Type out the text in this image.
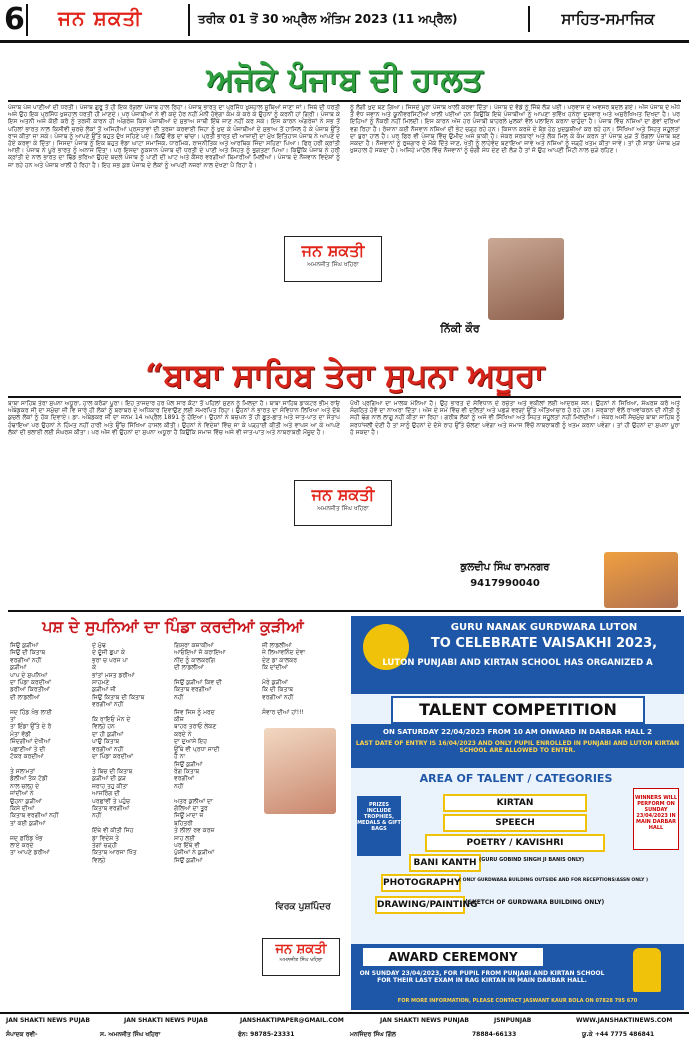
6 ਜਨ ਸ਼ਕਤੀ	ਤਰੀਕ 01 ਤੋਂ 30 ਅਪ੍ਰੈਲ ਅੰਤਿਮ 2023 (11 ਅਪ੍ਰੈਲ)	ਸਾਹਿਤ-ਸਮਾਜਿਕ
ਅਜੋਕੇ ਪੰਜਾਬ ਦੀ ਹਾਲਤ
ਪੰਜਾਬ ਪੰਜ ਪਾਣੀਆਂ ਦੀ ਧਰਤੀ। ਪੰਜਾਬ ਗੁਰੂ ਤੋਂ ਹੀ ਇਕ ਰੰਗਲਾ ਪੰਜਾਬ ਹਾਲ ਰਿਹਾ। ਪੰਜਾਬ ਭਾਰਤ ਦਾ ਪ੍ਰਸਿੱਧ ਖੁਸ਼ਹਾਲ ਸੂਬਿਆਂ ਜਾਣਾ ਜਾਂ। ਜਿਥੇ ਦੀ ਧਰਤੀ ਅਜੇ ਉਹ ਇਕ ਪ੍ਰਸਿੱਧ ਖੁਸ਼ਹਾਲ ਧਰਤੀ ਹੀ ਮਾਣਦੇ। ਪਰ ਪੰਜਾਬੀਆਂ ਨੇ ਵੀ ਕਦੇ ਹੋਰ ਨਹੀਂ ਮੰਨੀ ਹੋਵੇਗਾ ਕੰਮ ਕੇ ਕਰੇ ਕੇ ਉਹਨਾਂ ਨੂੰ ਕਰਨੀ ਹਾਂ ਗਿਰੀ। ਪੰਜਾਬ ਕੇ ਇਸ ਅਤਨੀ ਅਜੇ ਕੋਈ ਕਰੋ ਨੂੰ ਤਰਸੀ ਕਾਰਨ ਹੀ ਅੰਗਰੇਜ਼ ਕਿਸੇ ਪੰਜਾਬੀਆਂ ਦੇ ਸੁਭਾਅ ਸਾਥੀ ਇੱਥੇ ਜਾਣ ਨਹੀਂ ਕਰ ਸਕੇ। ਇਸ ਕਾਰਨ ਅੰਗਰੇਜ਼ਾਂ ਨੇ ਸਭ ਤੋਂ ਪਹਿਲਾਂ ਭਾਰਤ ਨਾਲ ਕਿਸੀਵੀ ਚਰਚੇ ਲੋਕਾਂ ਤੋਂ ਅਜਿਹੀਆਂ ਪ੍ਰਸਤਾਵਾਂ ਦੀ ਤਰਜ਼ਾ ਕਰਵਾਈ ਜਿਹਾ ਨੂੰ ਖੁਦ ਕੇ ਪੰਜਾਬੀਆਂ ਦੇ ਸੁਭਾਅ ਤੋਂ ਹਾਸਿਲ ਹੋ ਕੇ ਪੰਜਾਬ ਉੱਤੇ ਰਾਜ ਕੀਤਾ ਜਾ ਸਕੇ। ਪੰਜਾਬ ਨੂੰ ਆਪਣੇ ਉੱਤੇ ਬਹੁਤ ਦੁੱਖ ਸਹਿਣੇ ਪਏ। ਕਿਉਂ ਵੱਡ ਦਾ ਢਾਂਚਾ। ਪ੍ਰਤੀ ਭਾਰਤ ਦੀ ਆਜ਼ਾਦੀ ਦਾ ਮੁੱਖ ਇਤਿਹਾਸ ਪੰਜਾਬ ਨੇ ਆਪਣੇ ਦੇ ਹੋਏ ਕਰਵਾ ਕੇ ਦਿੱਤਾ। ਜਿਸਦਾ ਪੰਜਾਬ ਨੂੰ ਇਕ ਬਹੁਤ ਵੱਡਾ ਘਾਟਾ ਸਮਾਜਿਕ, ਧਾਰਮਿਕ, ਰਾਜਨੀਤਿਕ ਅਤੇ ਆਰਥਿਕ ਜਿੰਦਾ ਸਹਿਣਾ ਪਿਆ। ਫਿਰ ਹਰੀ ਕ੍ਰਾਂਤੀ ਆਈ। ਪੰਜਾਬ ਨੇ ਪੂਰੇ ਭਾਰਤ ਨੂੰ ਅਨਾਜ ਦਿੱਤਾ। ਪਰ ਇਸਦਾ ਨੁਕਸਾਨ ਪੰਜਾਬ ਦੀ ਧਰਤੀ ਦੇ ਪਾਣੀ ਅਤੇ ਸਿਹਤ ਨੂੰ ਭੁਗਤਣਾ ਪਿਆ। ਕਿਉਂਕਿ ਪੰਜਾਬ ਨੇ ਹਰੀ ਕ੍ਰਾਂਤੀ ਦੇ ਨਾਲ ਭਾਰਤ ਦਾ ਢਿੱਡ ਭਰਿਆ ਉਹਦੇ ਬਦਲੇ ਪੰਜਾਬ ਨੂੰ ਪਾਣੀ ਦੀ ਘਾਟ ਅਤੇ ਕੈਂਸਰ ਵਰਗੀਆਂ ਬਿਮਾਰੀਆਂ ਮਿਲੀਆਂ। ਪੰਜਾਬ ਦੇ ਨੌਜਵਾਨ ਵਿਦੇਸ਼ਾਂ ਨੂੰ ਜਾ ਰਹੇ ਹਨ ਅਤੇ ਪੰਜਾਬ ਖਾਲੀ ਹੋ ਰਿਹਾ ਹੈ। ਇਹ ਸਭ ਕੁਝ ਪੰਜਾਬ ਦੇ ਲੋਕਾਂ ਨੂੰ ਆਪਣੀ ਨਜ਼ਰਾਂ ਨਾਲ ਦੇਖਣਾ ਪੈ ਰਿਹਾ ਹੈ।
ਜਨ ਸ਼ਕਤੀ
ਅਮਨਜੀਤ ਸਿੰਘ ਖਹਿਰਾ
ਨੂੰ ਲੱਗੀ ਖੁਦ ਬਣ ਗਿਆ। ਜਿਸਦੇ ਪੂਰਾ ਪੰਜਾਬ ਖਾਲੀ ਕਰਵਾ ਦਿੱਤਾ। ਪੰਜਾਬ ਦੇ ਵੱਡੇ ਨੂੰ ਜਿੱਥੇ ਲੋੜ ਪਈ। ਪਰਵਾਸ ਦੇ ਅਵਸਰ ਬਦਲ ਗਏ। ਅੱਜ ਪੰਜਾਬ ਦੇ ਅੱਧੇ ਤੋਂ ਵੱਧ ਜਵਾਨ ਅਤੇ ਯੂਨੀਵਰਸਿਟੀਆਂ ਖਾਲੀ ਪਈਆਂ ਹਨ ਕਿਉਂਕਿ ਇਥੇ ਪੰਜਾਬੀਆਂ ਨੂੰ ਆਪਣਾ ਭਵਿੱਖ ਹਨੇਰਾ ਦੁਸ਼ਵਾਰ ਅਤੇ ਅਸੁਰੱਖਿਅਤ ਦਿਖਦਾ ਹੈ। ਪਰ ਇਹਿਆਂ ਨੂੰ ਨੌਕਰੀ ਨਹੀਂ ਮਿਲਦੀ। ਇਸ ਕਾਰਨ ਅੱਜ ਹਰ ਪੰਜਾਬੀ ਬਾਹਰਲੇ ਮੁਲਕਾਂ ਵੱਲ ਪਲਾਇਨ ਕਰਨਾ ਚਾਹੁੰਦਾ ਹੈ। ਪੰਜਾਬ ਵਿੱਚ ਨਸ਼ਿਆਂ ਦਾ ਛੇਵਾਂ ਦਰਿਆ ਵਗ ਰਿਹਾ ਹੈ। ਰੋਜ਼ਾਨਾ ਕਈ ਨੌਜਵਾਨ ਨਸ਼ਿਆਂ ਦੀ ਭੇਟ ਚੜ੍ਹ ਰਹੇ ਹਨ। ਕਿਸਾਨ ਕਰਜ਼ੇ ਦੇ ਬੋਝ ਹੇਠ ਖੁਦਕੁਸ਼ੀਆਂ ਕਰ ਰਹੇ ਹਨ। ਸਿੱਖਿਆ ਅਤੇ ਸਿਹਤ ਸਹੂਲਤਾਂ ਦਾ ਬੁਰਾ ਹਾਲ ਹੈ। ਪਰ ਫਿਰ ਵੀ ਪੰਜਾਬ ਵਿੱਚ ਉਮੀਦ ਅਜੇ ਬਾਕੀ ਹੈ। ਜੇਕਰ ਸਰਕਾਰਾਂ ਅਤੇ ਲੋਕ ਮਿਲ ਕੇ ਕੰਮ ਕਰਨ ਤਾਂ ਪੰਜਾਬ ਮੁੜ ਤੋਂ ਰੰਗਲਾ ਪੰਜਾਬ ਬਣ ਸਕਦਾ ਹੈ। ਨੌਜਵਾਨਾਂ ਨੂੰ ਰੁਜ਼ਗਾਰ ਦੇ ਮੌਕੇ ਦਿੱਤੇ ਜਾਣ, ਖੇਤੀ ਨੂੰ ਲਾਹੇਵੰਦ ਬਣਾਇਆ ਜਾਵੇ ਅਤੇ ਨਸ਼ਿਆਂ ਨੂੰ ਜੜ੍ਹੋਂ ਖਤਮ ਕੀਤਾ ਜਾਵੇ। ਤਾਂ ਹੀ ਸਾਡਾ ਪੰਜਾਬ ਮੁੜ ਖੁਸ਼ਹਾਲ ਹੋ ਸਕਦਾ ਹੈ। ਅਜਿਹੇ ਮਾਹੌਲ ਵਿੱਚ ਨੌਜਵਾਨਾਂ ਨੂੰ ਚੰਗੀ ਸੇਧ ਦੇਣ ਦੀ ਲੋੜ ਹੈ ਤਾਂ ਜੋ ਉਹ ਆਪਣੀ ਮਿੱਟੀ ਨਾਲ ਜੁੜੇ ਰਹਿਣ।
ਨਿੱਕੀ ਕੌਰ
“ਬਾਬਾ ਸਾਹਿਬ ਤੇਰਾ ਸੁਪਨਾ ਅਧੂਰਾ
ਬਾਬਾ ਸਾਹਿਬ ਤੇਰਾ ਸੁਪਨਾ ਅਧੂਰਾ, ਹਾਲ ਕਰੋੜਾ ਪੂਰਾ। ਇਹ ਤਾਜਦਾਰ ਹਰ ਪੱਲ ਸਾਰ ਕੋਟਾ ਤੋਂ ਪਹਿਲਾਂ ਸੁਣਨ ਨੂੰ ਮਿਲਦਾ ਹੈ। ਬਾਬਾ ਸਾਹਿਬ ਡਾਕਟਰ ਭੀਮ ਰਾਓ ਅੰਬੇਡਕਰ ਜੀ ਦਾ ਸਮੁੱਚਾ ਜੀ ਵਿ ਸਾਰੇ ਹੀ ਲੋਕਾਂ ਨੂੰ ਬਰਾਬਰ ਦੇ ਅਧਿਕਾਰ ਦਿਵਾਉਣ ਲਈ ਸਮਰਪਿਤ ਰਿਹਾ। ਉਹਨਾਂ ਨੇ ਭਾਰਤ ਦਾ ਸੰਵਿਧਾਨ ਲਿਖਿਆ ਅਤੇ ਦੱਬੇ ਕੁਚਲੇ ਲੋਕਾਂ ਨੂੰ ਹੱਕ ਦਿਵਾਏ। ਡਾ. ਅੰਬੇਡਕਰ ਜੀ ਦਾ ਜਨਮ 14 ਅਪ੍ਰੈਲ 1891 ਨੂੰ ਹੋਇਆ। ਉਹਨਾਂ ਨੇ ਬਚਪਨ ਤੋਂ ਹੀ ਛੂਤ-ਛਾਤ ਅਤੇ ਜਾਤ-ਪਾਤ ਦਾ ਸੰਤਾਪ ਹੰਢਾਇਆ ਪਰ ਉਹਨਾਂ ਨੇ ਹਿੰਮਤ ਨਹੀਂ ਹਾਰੀ ਅਤੇ ਉੱਚ ਸਿੱਖਿਆ ਹਾਸਲ ਕੀਤੀ। ਉਹਨਾਂ ਨੇ ਵਿਦੇਸ਼ਾਂ ਵਿੱਚ ਜਾ ਕੇ ਪੜ੍ਹਾਈ ਕੀਤੀ ਅਤੇ ਵਾਪਸ ਆ ਕੇ ਆਪਣੇ ਲੋਕਾਂ ਦੀ ਭਲਾਈ ਲਈ ਸੰਘਰਸ਼ ਕੀਤਾ। ਪਰ ਅੱਜ ਵੀ ਉਹਨਾਂ ਦਾ ਸੁਪਨਾ ਅਧੂਰਾ ਹੈ ਕਿਉਂਕਿ ਸਮਾਜ ਵਿੱਚ ਅਜੇ ਵੀ ਜਾਤ-ਪਾਤ ਅਤੇ ਨਾਬਰਾਬਰੀ ਮੌਜੂਦ ਹੈ।
ਜਨ ਸ਼ਕਤੀ
ਅਮਨਜੀਤ ਸਿੰਘ ਖਹਿਰਾ
ਪੱਖੀ ਪ੍ਰਗਿਆ ਦਾ ਮਾਲਕ ਮੰਨਿਆ ਹੈ। ਉਹ ਭਾਰਤ ਦੇ ਸੰਵਿਧਾਨ ਦੇ ਰਚੇਤਾ ਅਤੇ ਵਕੀਲਾਂ ਲਈ ਆਦਰਸ਼ ਸਨ। ਉਹਨਾਂ ਨੇ ਸਿਖਿਆ, ਸੰਘਰਸ਼ ਕਰੋ ਅਤੇ ਸੰਗਠਿਤ ਹੋਵੋ ਦਾ ਨਾਅਰਾ ਦਿੱਤਾ। ਅੱਜ ਦੇ ਸਮੇਂ ਵਿੱਚ ਵੀ ਦਲਿਤਾਂ ਅਤੇ ਪਛੜੇ ਵਰਗਾਂ ਉੱਤੇ ਅੱਤਿਆਚਾਰ ਹੋ ਰਹੇ ਹਨ। ਸਰਕਾਰਾਂ ਵੱਲੋਂ ਰਾਖਵਾਂਕਰਨ ਦੀ ਨੀਤੀ ਨੂੰ ਸਹੀ ਢੰਗ ਨਾਲ ਲਾਗੂ ਨਹੀਂ ਕੀਤਾ ਜਾ ਰਿਹਾ। ਗਰੀਬ ਲੋਕਾਂ ਨੂੰ ਅਜੇ ਵੀ ਸਿੱਖਿਆ ਅਤੇ ਸਿਹਤ ਸਹੂਲਤਾਂ ਨਹੀਂ ਮਿਲਦੀਆਂ। ਜੇਕਰ ਅਸੀਂ ਸੱਚਮੁੱਚ ਬਾਬਾ ਸਾਹਿਬ ਨੂੰ ਸ਼ਰਧਾਂਜਲੀ ਦੇਣੀ ਹੈ ਤਾਂ ਸਾਨੂੰ ਉਹਨਾਂ ਦੇ ਦੱਸੇ ਰਾਹ ਉੱਤੇ ਚੱਲਣਾ ਪਵੇਗਾ ਅਤੇ ਸਮਾਜ ਵਿੱਚੋਂ ਨਾਬਰਾਬਰੀ ਨੂੰ ਖਤਮ ਕਰਨਾ ਪਵੇਗਾ। ਤਾਂ ਹੀ ਉਹਨਾਂ ਦਾ ਸੁਪਨਾ ਪੂਰਾ ਹੋ ਸਕਦਾ ਹੈ।
ਕੁਲਦੀਪ ਸਿੰਘ ਰਾਮਨਗਰ
9417990040
ਪਸ਼ ਦੇ ਸੁਪਨਿਆਂ ਦਾ ਪਿੰਡਾ ਕਰਦੀਆਂ ਕੁੜੀਆਂ
ਜਿਉ ਕੁੜੀਆਂ
ਜਿਉਂ ਦੀ ਕਿਤਾਬ
ਵਰਗੀਆਂ ਨਹੀਂ
ਕੁੜੀਆਂ
ਪਾਪ ਦੇ ਸੁਪਨਿਆਂ
ਦਾ ਪਿੰਡਾ ਕਰਦੀਆਂ
ਡਰੀਆਂ ਕਿਰਤੀਆਂ
ਦੀ ਲਾਡਲੀਆਂ

ਜਦ ਹਿੰਡ ਖੰਭ ਲਾਈ
ਤਾਂ
ਤਾ ਇੰਡਾ ਉੱਤੇ ਦੇ ਰੋ
ਮੰਤਾ ਵੱਡੀ
ਜ਼ਿੰਦਗੀਆਂ ਦੇਖੀਆਂ
ਪਛਾਣੀਆਂ ਤੇ ਦੀ
ਟੱਕਰ ਕਰਦੀਆਂ

ਤੇ ਸਲਾਮਤਾਂ
ਡੋਲੀਆਂ ਤੱਕ ਟੱਡੀ
ਨਾਲ ਚਲ੍ਹ ਦੇ
ਜਾਂਦੀਆਂ ਨੇ
ਉਹਨਾ ਕੁੜੀਆਂ
ਕਿਸੇ ਦੀਆਂ
ਕਿਤਾਬ ਵਰਗੀਆਂ ਨਹੀਂ
ਤਾਂ ਕਈ ਕੁੜੀਆਂ

ਜਦ ਫ਼ਰਿੰਡ ਖੰਭ
ਲਾਏ ਕਰਦੇ
ਤਾ ਆਪਣੇ ਡਰੀਆਂ
ਦੇ ਮੁੱਢ
ਦੇ ਦੂੱਜੀ ਛੁਪਾ ਕੇ
ਭਰਾ ਚ ਪਰਜ ਪਾ
ਕੇ
ਭਾਂਤਾਂ ਮਸਤ ਡਰੀਆਂ
ਸਾਹਮਣੇ
ਕੁੜੀਆਂ ਜੀ
ਜਿਉਂ ਕਿਤਾਬ ਦੀ ਕਿਤਾਬ
ਵਰਗੀਆਂ ਨਹੀਂ

ਕਿ ਰਾਇਓ ਮੰਨ ਦੇ
ਵਿਲ੍ਹੇ ਹਨ
ਦਾ ਹੀ ਕੁੜੀਆਂ
ਪਾਉ ਕਿਤਾਬ
ਵਰਗੀਆਂ ਨਹੀਂ
ਦਾ ਪਿੰਡਾ ਕਰਦੀਆਂ

ਤੇ ਬਿਚ ਦੀ ਕਿਤਾਬ
ਕੁੜੀਆਂ ਦੀ ਕੁੜ
ਜਰਾਹ ਤਹੁ ਕੀਤਾ
ਆਜਰਿੰਗ ਦੀ
ਪਰਛਾਂਵੀਂ ਤੇ ਪਹੁੰਚ
ਕਿਤਾਬ ਵਰਗੀਆਂ
ਨਹੀਂ

ਇੱਥੇ ਵੀ ਕੀਤੀ ਜਿਹ
ਡਾ ਵਿਦੇਸ਼ ਤੇ
ਤੇਗਾਂ ਚੜ੍ਹੀ
ਕਿਤਾਬ ਆਰਜਾ ਖਿੱਤ
ਵਿਲ੍ਹੇ
ਗਿਸ਼ਰਾ ਕਸ਼ਾਕੀਆਂ
ਆਓਇਆਂ ਜੋ ਕਰਾਇਆ
ਨੀਂਦ ਨੂੰ ਕਾਲਕਰਗਿ
ਦੀ ਲਾਡਲੀਆਂ

ਜਿਉਂ ਕੁੜੀਆਂ ਕਿਵ ਦੀ
ਕਿਤਾਬ ਵਰਗੀਆਂ
ਨਹੀਂ

ਜਿਵ ਜਿਸ ਨੂੰ ਮਰਦ
ਕੀਜ਼
ਬਾਹਰ ਤਰਾਓ ਲੇਕਣ
ਕਰਦੇ ਨੇ
ਦਾ ਦੁਆਸੇ ਇਹ
ਉੱਥੇ ਵੀ ਪ੍ਰਧਾ ਜਾਦੀ
ਹੈ ਨਾ
ਜਿਉਂ ਕੁੜੀਆਂ
ਰੰਗ ਕਿਤਾਬ
ਵਰਗੀਆਂ
ਨਹੀਂ

ਅਤਰ ਕੁਲੀਆਂ ਦਾ
ਗੱਲਿਆਂ ਦਾ ਤੂਰ
ਜਿਊਂ ਮਾਦਾ ਜ਼
ਬਹਿਤਰੀ
ਤੇ ਲੀਲਾਂ ਰਵ ਕਰਜ਼
ਸਾਹ ਲਈ
ਪਰ ਇੱਥੇ ਵੀ
ਪੁੱਸ਼ੀਆਂ ਨੇ ਕੁੜੀਆਂ
ਜਿਉਂ ਕੁੜੀਆਂ
ਜੀ ਲਾਡਲੀਆਂ
ਜੇ ਲਿਆਵਨਿੰਦ ਦੇਵਾ
ਦੇਣ ਡਾ ਕਾਲਕਰ
ਕਿ ਦਾਂਦੀਆਂ

ਮੋਰੇ ਕੁੜੀਆਂ
ਕਿ ਦੀ ਕਿਤਾਬ
ਵਰਗੀਆਂ ਨਹੀਂ

ਸੰਵਾਰ ਦੀਆਂ ਹਾਂ!!!
ਵਿਰਕ ਪੁਸ਼ਪਿੰਦਰ
ਜਨ ਸ਼ਕਤੀ
ਅਮਨਜੀਤ ਸਿੰਘ ਖਹਿਰਾ
GURU NANAK GURDWARA LUTON
TO CELEBRATE VAISAKHI 2023,
LUTON PUNJABI AND KIRTAN SCHOOL HAS ORGANIZED A
TALENT COMPETITION
ON SATURDAY 22/04/2023 FROM 10 AM ONWARD IN DARBAR HALL 2
LAST DATE OF ENTRY IS 16/04/2023 AND ONLY PUPIL ENROLLED IN PUNJABI AND LUTON KIRTAN SCHOOL ARE ALLOWED TO ENTER.
AREA OF TALENT / CATEGORIES
PRIZES INCLUDE TROPHIES, MEDALS & GIFT BAGS
WINNERS WILL PERFORM ON SUNDAY 23/04/2023 IN MAIN DARBAR HALL
KIRTAN
SPEECH
POETRY / KAVISHRI
BANI KANTH (GURU GOBIND SINGH JI BANIS ONLY)
PHOTOGRAPHY
( ONLY GURDWARA BUILDING OUTSIDE AND FOR RECEPTIONS/ASSN ONLY )
DRAWING/PAINTING
(SKETCH OF GURDWARA BUILDING ONLY)
AWARD CEREMONY
ON SUNDAY 23/04/2023, FOR PUPIL FROM PUNJABI AND KIRTAN SCHOOL FOR THEIR LAST EXAM IN RAG KIRTAN IN MAIN DARBAR HALL.
FOR MORE INFORMATION, PLEASE CONTACT JASWANT KAUR BOLA ON 07828 795 670
JAN SHAKTI NEWS PUJAB	JAN SHAKTI NEWS PUJAB	JANSHAKTIPAPER@GMAIL.COM	JAN SHAKTI NEWS PUNJAB	JSNPUNJAB	WWW.JANSHAKTINEWS.COM
ਸੰਪਾਦਕ ਰਵੀ-	ਸ. ਅਮਨਜੀਤ ਸਿੰਘ ਖਹਿਰਾ	ਫੋਨ: 98785-23331	ਮਨਜਿੰਦਰ ਸਿੰਘ ਗਿੱਲ	78884-66133	ਯੂ.ਕੇ +44 7775 486841
